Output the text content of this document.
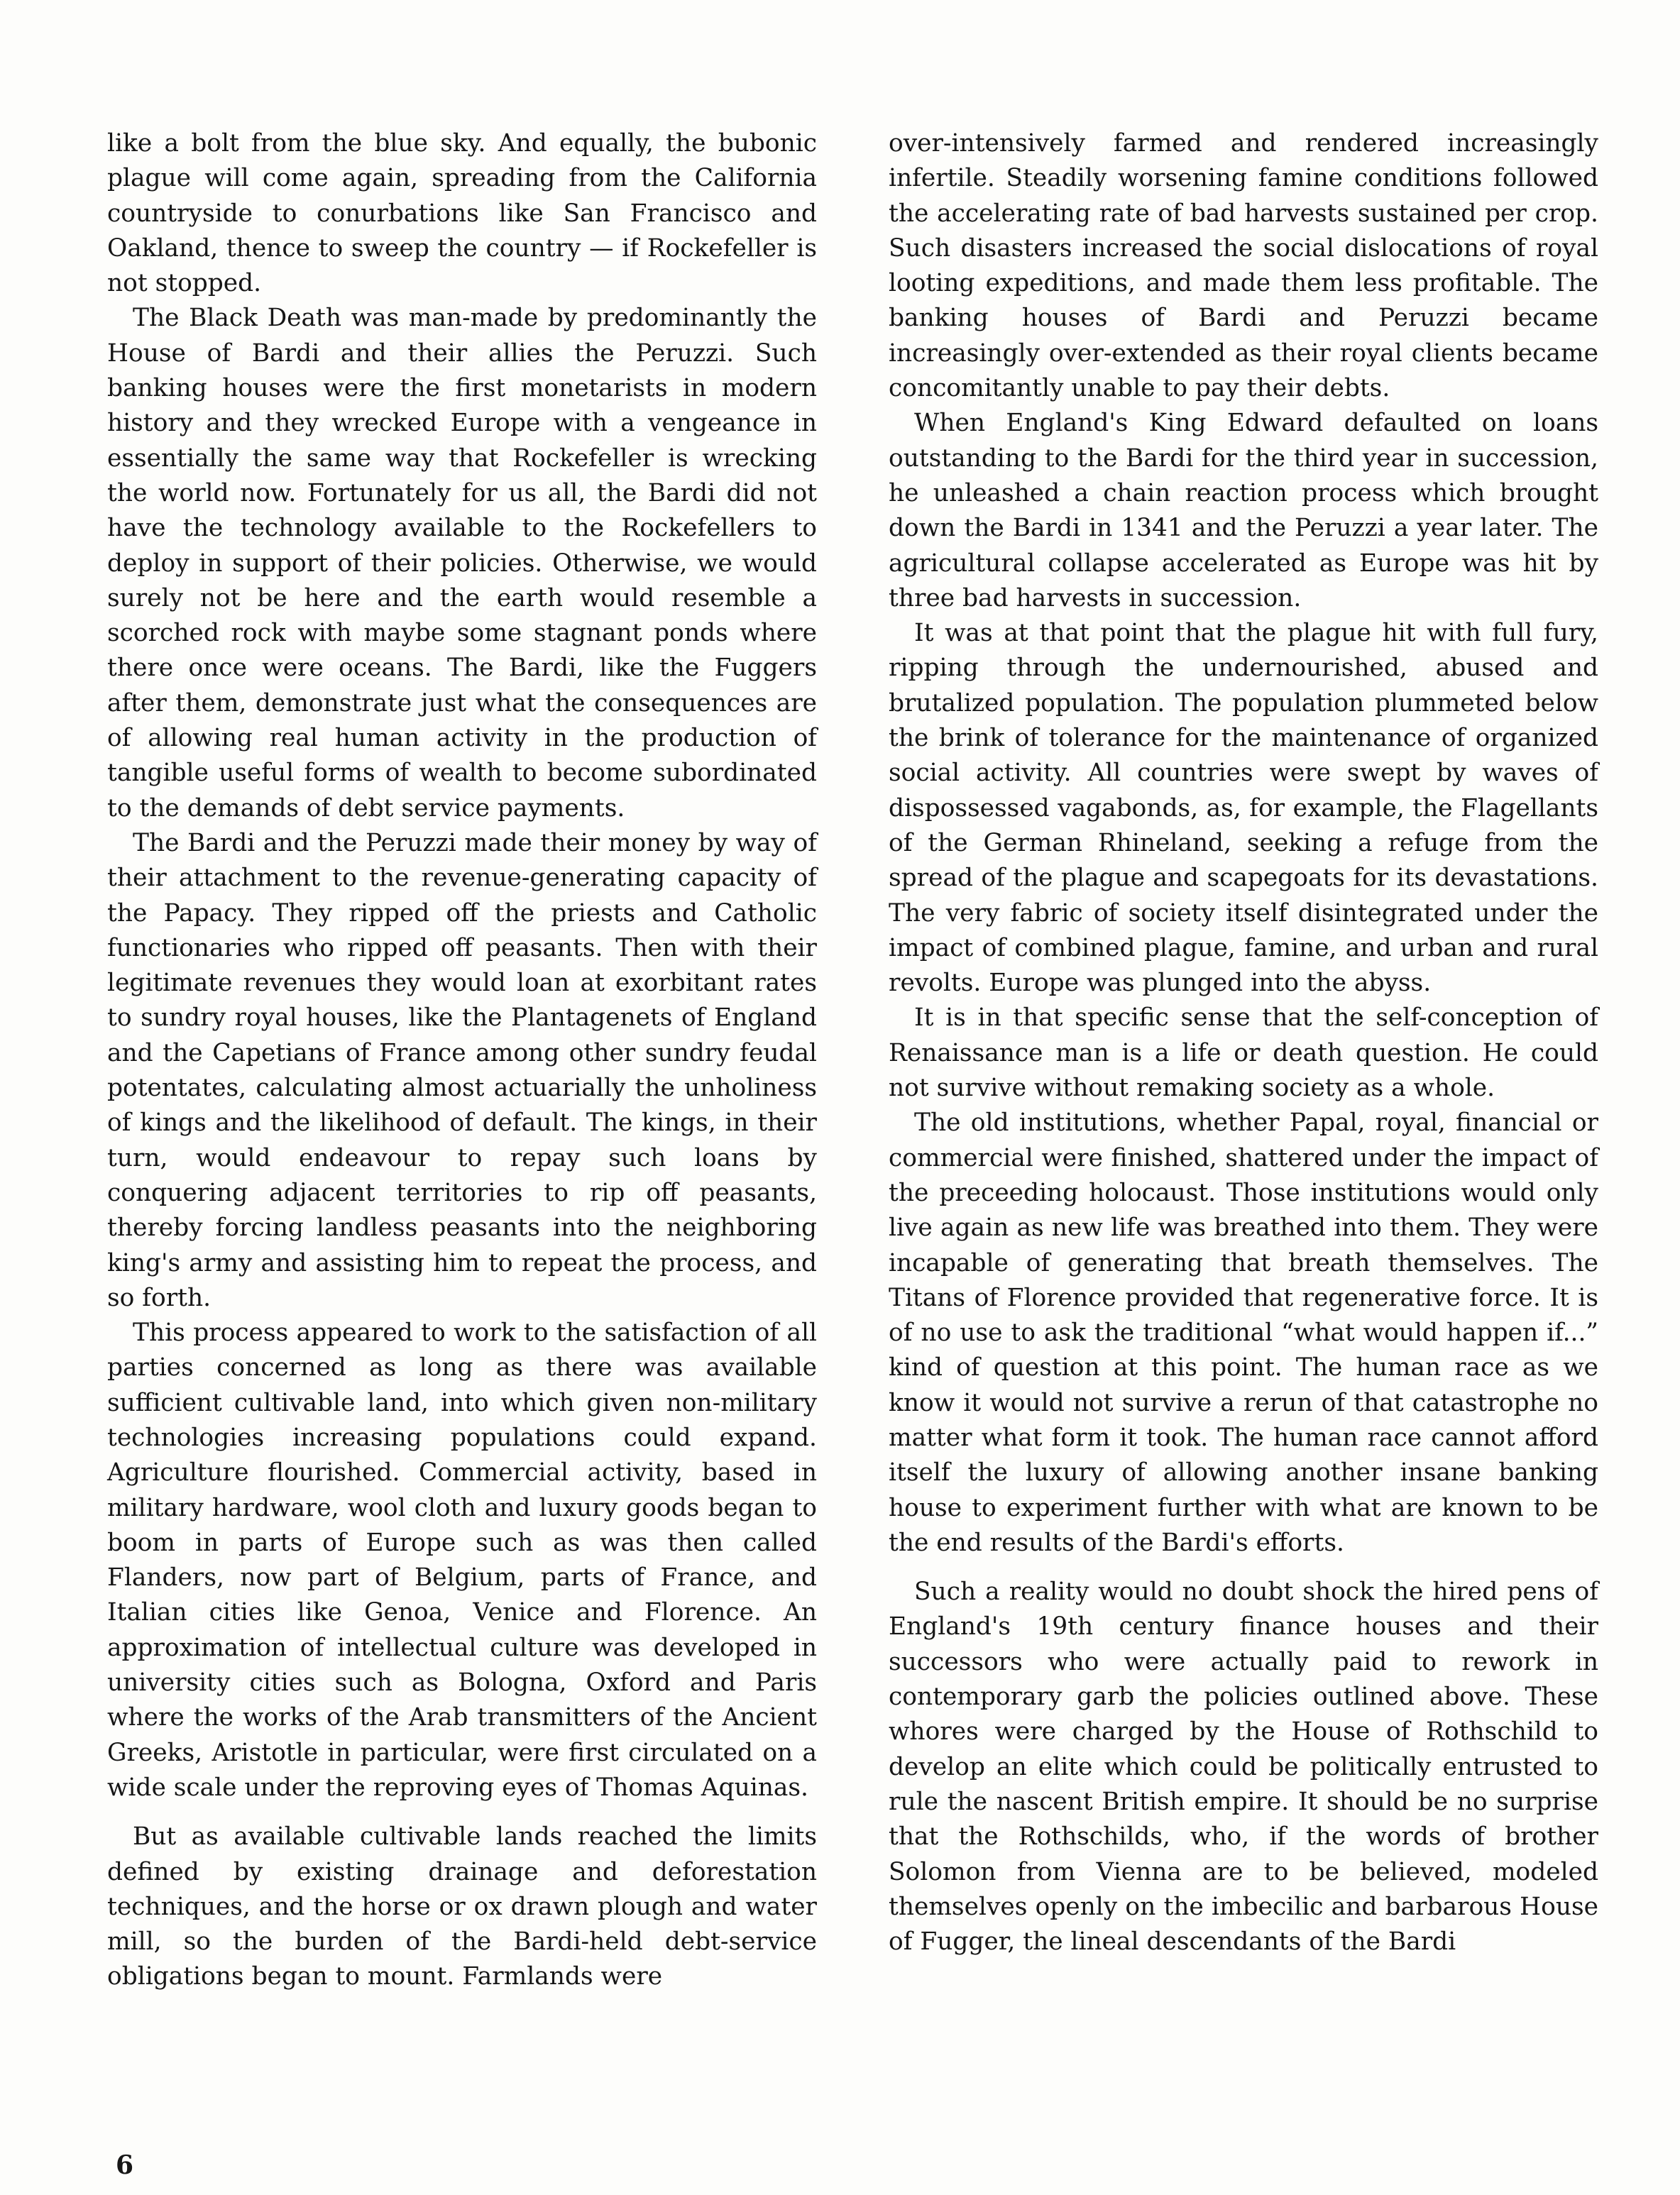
like a bolt from the blue sky. And equally, the bubonic plague will come again, spreading from the California countryside to conurbations like San Francisco and Oakland, thence to sweep the country — if Rockefeller is not stopped.

The Black Death was man-made by predominantly the House of Bardi and their allies the Peruzzi. Such banking houses were the first monetarists in modern history and they wrecked Europe with a vengeance in essentially the same way that Rockefeller is wrecking the world now. Fortunately for us all, the Bardi did not have the technology available to the Rockefellers to deploy in support of their policies. Otherwise, we would surely not be here and the earth would resemble a scorched rock with maybe some stagnant ponds where there once were oceans. The Bardi, like the Fuggers after them, demonstrate just what the consequences are of allowing real human activity in the production of tangible useful forms of wealth to become subordinated to the demands of debt service payments.

The Bardi and the Peruzzi made their money by way of their attachment to the revenue-generating capacity of the Papacy. They ripped off the priests and Catholic functionaries who ripped off peasants. Then with their legitimate revenues they would loan at exorbitant rates to sundry royal houses, like the Plantagenets of England and the Capetians of France among other sundry feudal potentates, calculating almost actuarially the unholiness of kings and the likelihood of default. The kings, in their turn, would endeavour to repay such loans by conquering adjacent territories to rip off peasants, thereby forcing landless peasants into the neighboring king's army and assisting him to repeat the process, and so forth.

This process appeared to work to the satisfaction of all parties concerned as long as there was available sufficient cultivable land, into which given non-military technologies increasing populations could expand. Agriculture flourished. Commercial activity, based in military hardware, wool cloth and luxury goods began to boom in parts of Europe such as was then called Flanders, now part of Belgium, parts of France, and Italian cities like Genoa, Venice and Florence. An approximation of intellectual culture was developed in university cities such as Bologna, Oxford and Paris where the works of the Arab transmitters of the Ancient Greeks, Aristotle in particular, were first circulated on a wide scale under the reproving eyes of Thomas Aquinas.

But as available cultivable lands reached the limits defined by existing drainage and deforestation techniques, and the horse or ox drawn plough and water mill, so the burden of the Bardi-held debt-service obligations began to mount. Farmlands were

over-intensively farmed and rendered increasingly infertile. Steadily worsening famine conditions followed the accelerating rate of bad harvests sustained per crop. Such disasters increased the social dislocations of royal looting expeditions, and made them less profitable. The banking houses of Bardi and Peruzzi became increasingly over-extended as their royal clients became concomitantly unable to pay their debts.

When England's King Edward defaulted on loans outstanding to the Bardi for the third year in succession, he unleashed a chain reaction process which brought down the Bardi in 1341 and the Peruzzi a year later. The agricultural collapse accelerated as Europe was hit by three bad harvests in succession.

It was at that point that the plague hit with full fury, ripping through the undernourished, abused and brutalized population. The population plummeted below the brink of tolerance for the maintenance of organized social activity. All countries were swept by waves of dispossessed vagabonds, as, for example, the Flagellants of the German Rhineland, seeking a refuge from the spread of the plague and scapegoats for its devastations. The very fabric of society itself disintegrated under the impact of combined plague, famine, and urban and rural revolts. Europe was plunged into the abyss.

It is in that specific sense that the self-conception of Renaissance man is a life or death question. He could not survive without remaking society as a whole.

The old institutions, whether Papal, royal, financial or commercial were finished, shattered under the impact of the preceeding holocaust. Those institutions would only live again as new life was breathed into them. They were incapable of generating that breath themselves. The Titans of Florence provided that regenerative force. It is of no use to ask the traditional “what would happen if...” kind of question at this point. The human race as we know it would not survive a rerun of that catastrophe no matter what form it took. The human race cannot afford itself the luxury of allowing another insane banking house to experiment further with what are known to be the end results of the Bardi's efforts.

Such a reality would no doubt shock the hired pens of England's 19th century finance houses and their successors who were actually paid to rework in contemporary garb the policies outlined above. These whores were charged by the House of Rothschild to develop an elite which could be politically entrusted to rule the nascent British empire. It should be no surprise that the Rothschilds, who, if the words of brother Solomon from Vienna are to be believed, modeled themselves openly on the imbecilic and barbarous House of Fugger, the lineal descendants of the Bardi

6
